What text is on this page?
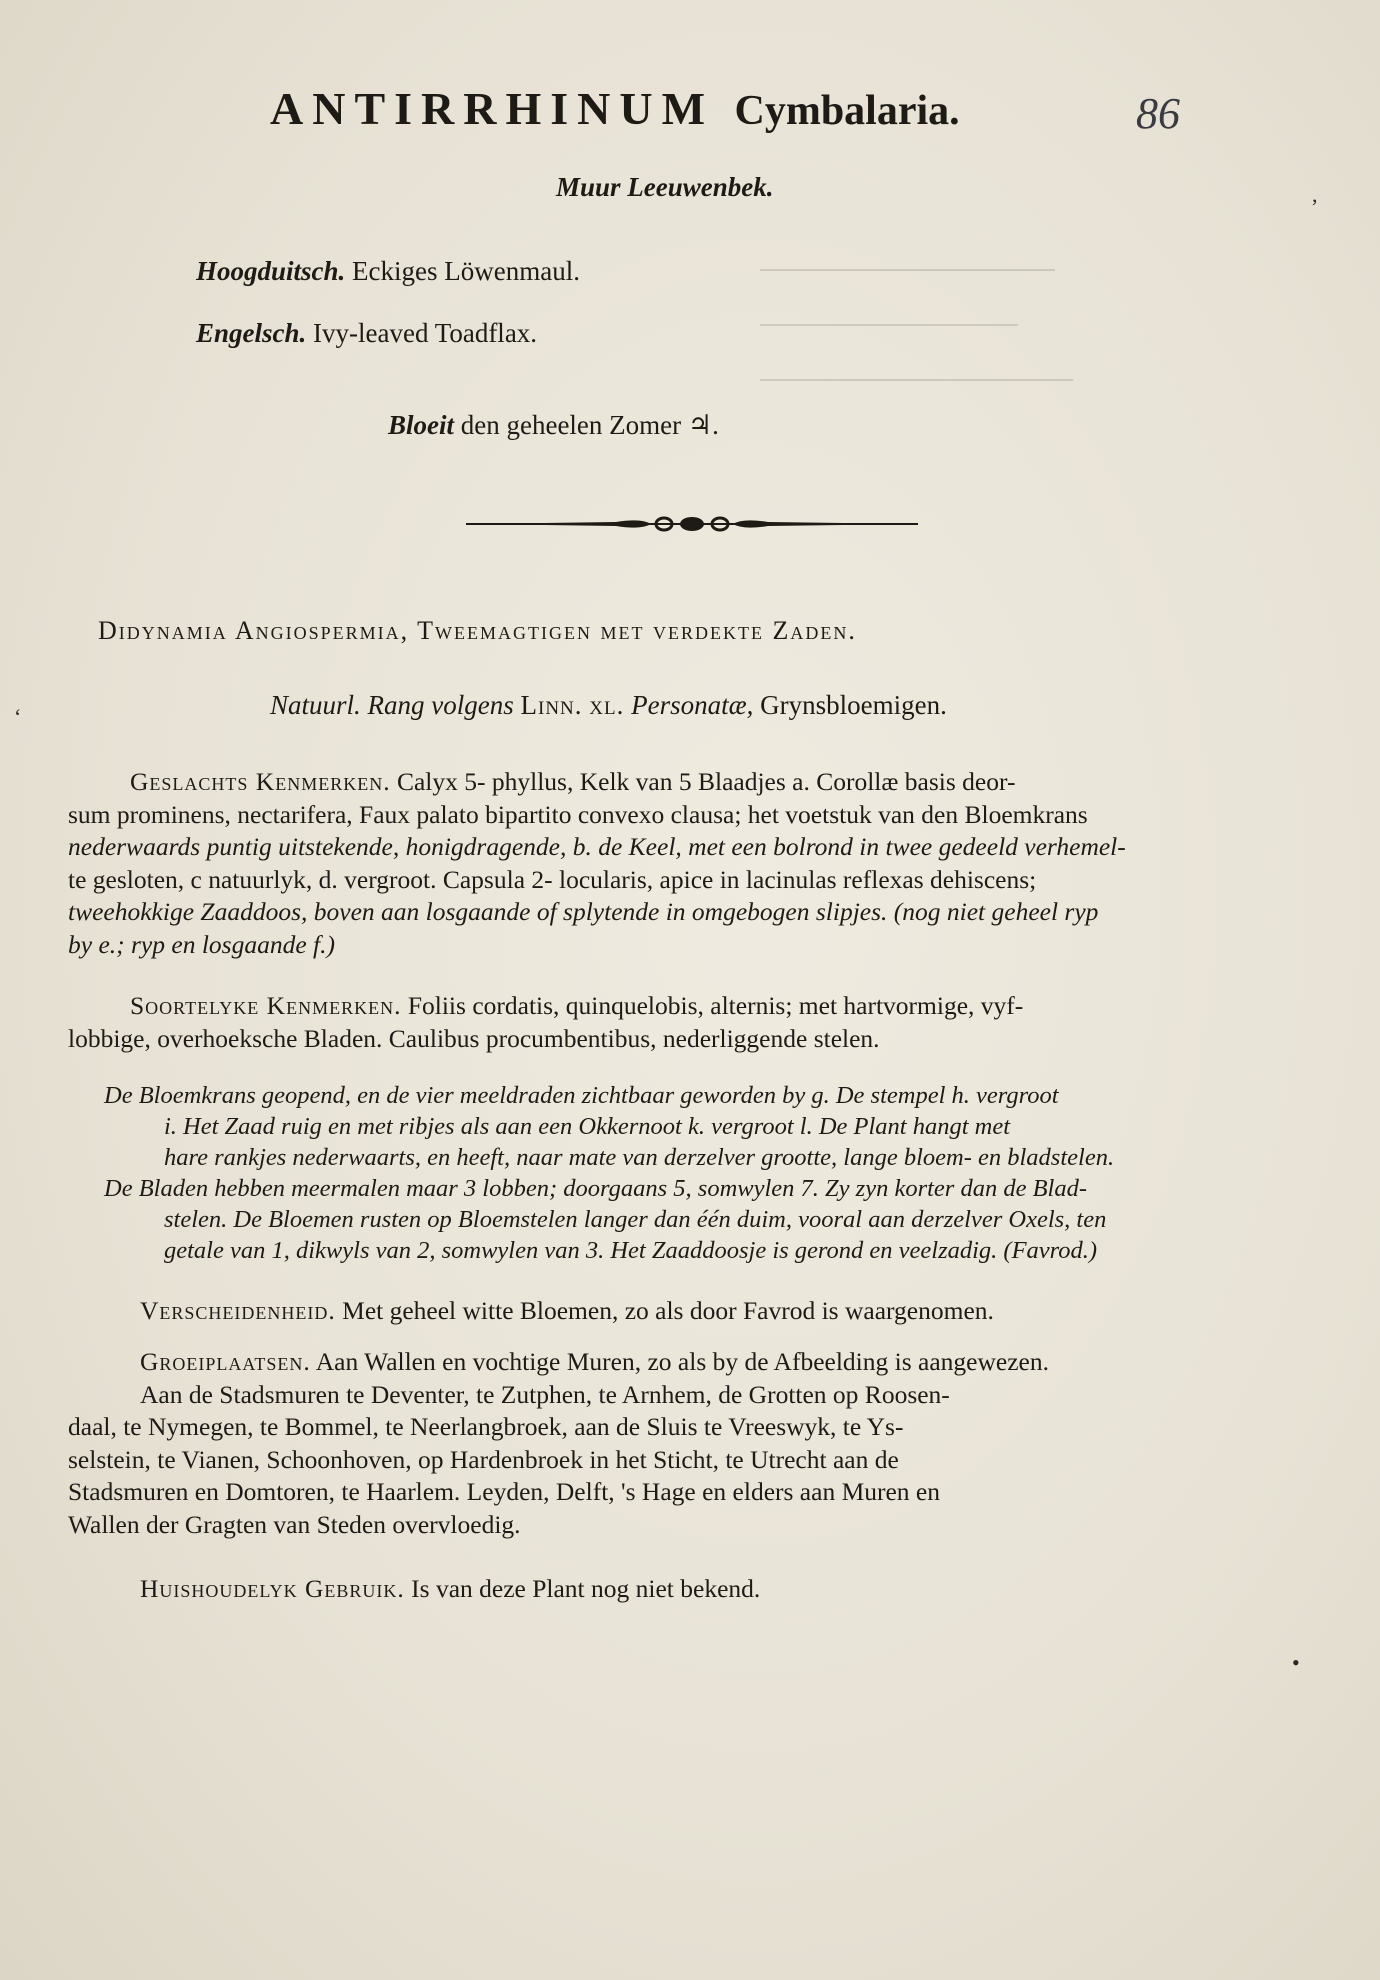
────────────────
──────────────
─────────────────
ANTIRRHINUM Cymbalaria.	86
Muur Leeuwenbek.
Hoogduitsch. Eckiges Löwenmaul.
Engelsch. Ivy-leaved Toadflax.
Bloeit den geheelen Zomer ♃.
Didynamia Angiospermia, Tweemagtigen met verdekte Zaden.
Natuurl. Rang volgens Linn. xl. Personatæ, Grynsbloemigen.
Geslachts Kenmerken. Calyx 5- phyllus, Kelk van 5 Blaadjes a. Corollæ basis deor-
sum prominens, nectarifera, Faux palato bipartito convexo clausa; het voetstuk van den Bloemkrans
nederwaards puntig uitstekende, honigdragende, b. de Keel, met een bolrond in twee gedeeld verhemel-
te gesloten, c natuurlyk, d. vergroot. Capsula 2- locularis, apice in lacinulas reflexas dehiscens;
tweehokkige Zaaddoos, boven aan losgaande of splytende in omgebogen slipjes. (nog niet geheel ryp
by e.; ryp en losgaande f.)
Soortelyke Kenmerken. Foliis cordatis, quinquelobis, alternis; met hartvormige, vyf-
lobbige, overhoeksche Bladen. Caulibus procumbentibus, nederliggende stelen.
De Bloemkrans geopend, en de vier meeldraden zichtbaar geworden by g. De stempel h. vergroot
i. Het Zaad ruig en met ribjes als aan een Okkernoot k. vergroot l. De Plant hangt met
hare rankjes nederwaarts, en heeft, naar mate van derzelver grootte, lange bloem- en bladstelen.
De Bladen hebben meermalen maar 3 lobben; doorgaans 5, somwylen 7. Zy zyn korter dan de Blad-
stelen. De Bloemen rusten op Bloemstelen langer dan één duim, vooral aan derzelver Oxels, ten
getale van 1, dikwyls van 2, somwylen van 3. Het Zaaddoosje is gerond en veelzadig. (Favrod.)
Verscheidenheid. Met geheel witte Bloemen, zo als door Favrod is waargenomen.
Groeiplaatsen. Aan Wallen en vochtige Muren, zo als by de Afbeelding is aangewezen.
Aan de Stadsmuren te Deventer, te Zutphen, te Arnhem, de Grotten op Roosen-
daal, te Nymegen, te Bommel, te Neerlangbroek, aan de Sluis te Vreeswyk, te Ys-
selstein, te Vianen, Schoonhoven, op Hardenbroek in het Sticht, te Utrecht aan de
Stadsmuren en Domtoren, te Haarlem. Leyden, Delft, 's Hage en elders aan Muren en
Wallen der Gragten van Steden overvloedig.
Huishoudelyk Gebruik. Is van deze Plant nog niet bekend.
,
‘
•
